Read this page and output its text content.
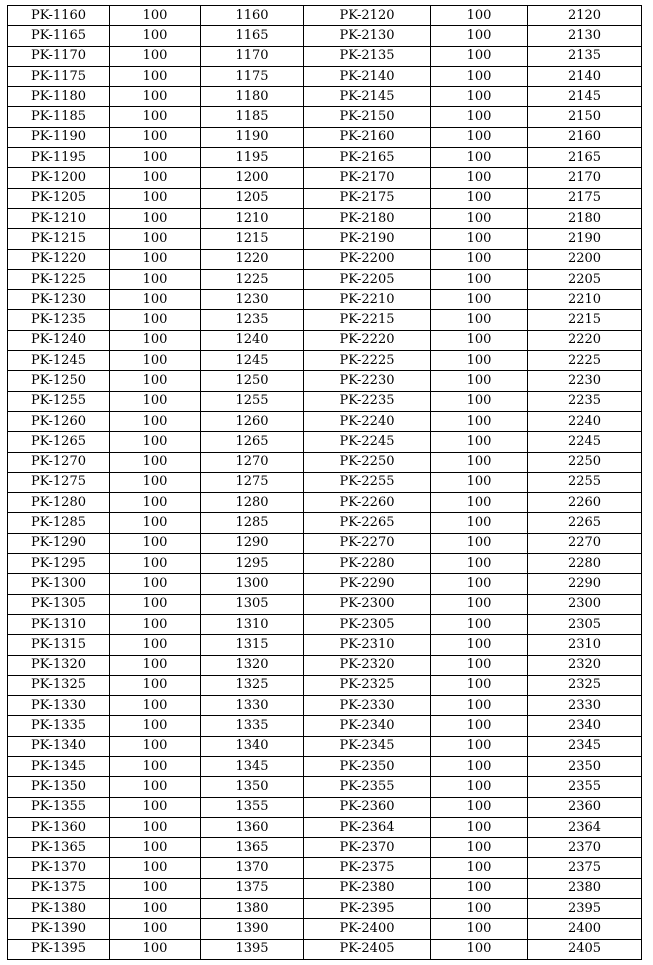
PK-1160	100	1160	PK-2120	100	2120
PK-1165	100	1165	PK-2130	100	2130
PK-1170	100	1170	PK-2135	100	2135
PK-1175	100	1175	PK-2140	100	2140
PK-1180	100	1180	PK-2145	100	2145
PK-1185	100	1185	PK-2150	100	2150
PK-1190	100	1190	PK-2160	100	2160
PK-1195	100	1195	PK-2165	100	2165
PK-1200	100	1200	PK-2170	100	2170
PK-1205	100	1205	PK-2175	100	2175
PK-1210	100	1210	PK-2180	100	2180
PK-1215	100	1215	PK-2190	100	2190
PK-1220	100	1220	PK-2200	100	2200
PK-1225	100	1225	PK-2205	100	2205
PK-1230	100	1230	PK-2210	100	2210
PK-1235	100	1235	PK-2215	100	2215
PK-1240	100	1240	PK-2220	100	2220
PK-1245	100	1245	PK-2225	100	2225
PK-1250	100	1250	PK-2230	100	2230
PK-1255	100	1255	PK-2235	100	2235
PK-1260	100	1260	PK-2240	100	2240
PK-1265	100	1265	PK-2245	100	2245
PK-1270	100	1270	PK-2250	100	2250
PK-1275	100	1275	PK-2255	100	2255
PK-1280	100	1280	PK-2260	100	2260
PK-1285	100	1285	PK-2265	100	2265
PK-1290	100	1290	PK-2270	100	2270
PK-1295	100	1295	PK-2280	100	2280
PK-1300	100	1300	PK-2290	100	2290
PK-1305	100	1305	PK-2300	100	2300
PK-1310	100	1310	PK-2305	100	2305
PK-1315	100	1315	PK-2310	100	2310
PK-1320	100	1320	PK-2320	100	2320
PK-1325	100	1325	PK-2325	100	2325
PK-1330	100	1330	PK-2330	100	2330
PK-1335	100	1335	PK-2340	100	2340
PK-1340	100	1340	PK-2345	100	2345
PK-1345	100	1345	PK-2350	100	2350
PK-1350	100	1350	PK-2355	100	2355
PK-1355	100	1355	PK-2360	100	2360
PK-1360	100	1360	PK-2364	100	2364
PK-1365	100	1365	PK-2370	100	2370
PK-1370	100	1370	PK-2375	100	2375
PK-1375	100	1375	PK-2380	100	2380
PK-1380	100	1380	PK-2395	100	2395
PK-1390	100	1390	PK-2400	100	2400
PK-1395	100	1395	PK-2405	100	2405
